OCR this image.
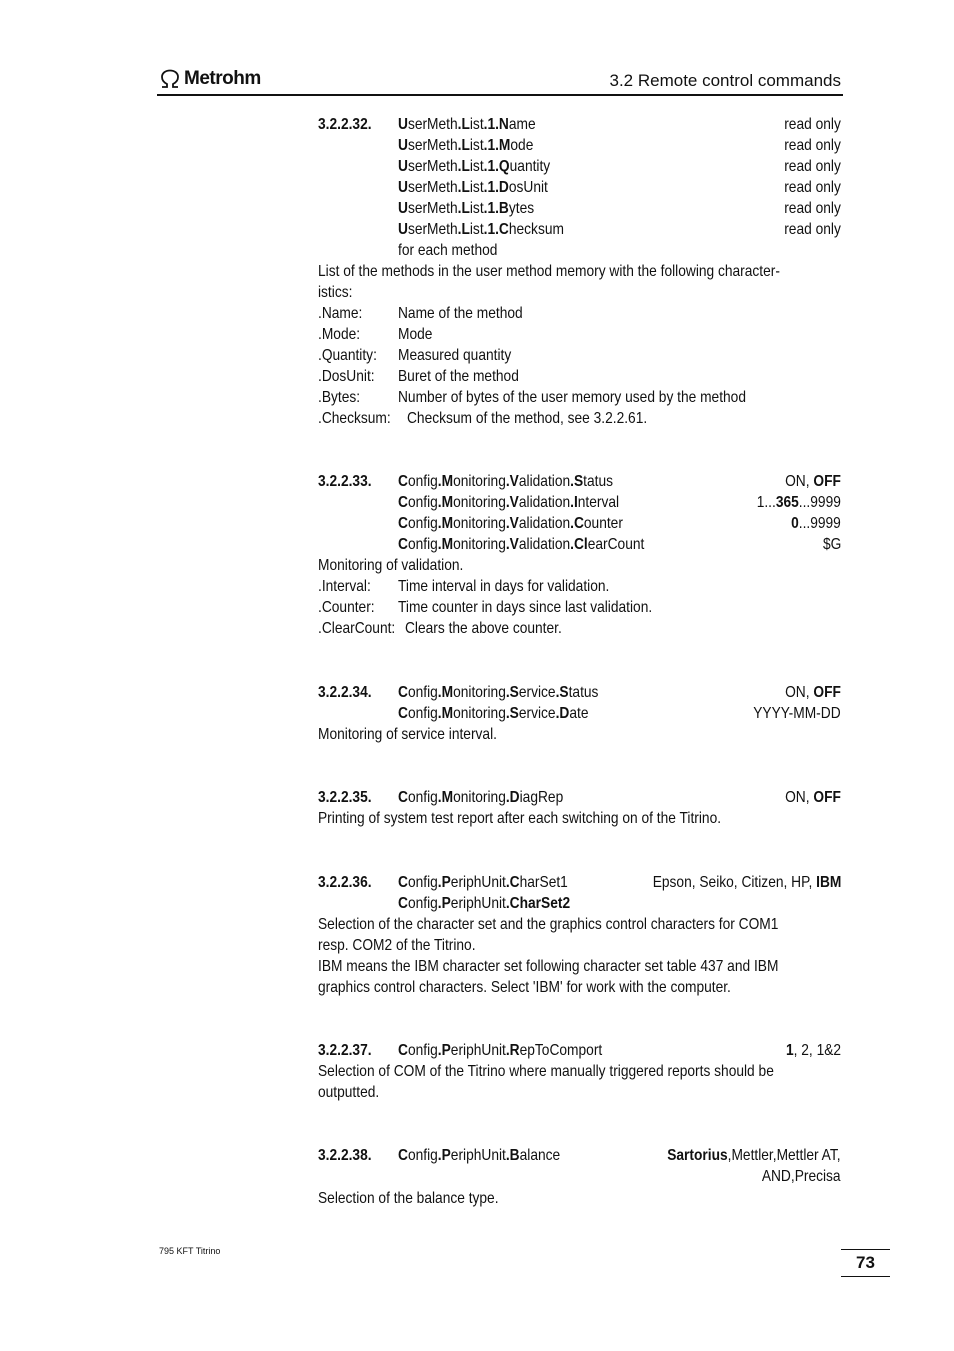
Metrohm	3.2 Remote control commands
3.2.2.32. UserMeth.List.1.Name	read only
UserMeth.List.1.Mode	read only
UserMeth.List.1.Quantity	read only
UserMeth.List.1.DosUnit	read only
UserMeth.List.1.Bytes	read only
UserMeth.List.1.Checksum	read only
for each method
List of the methods in the user method memory with the following character-
istics:
.Name: Name of the method
.Mode: Mode
.Quantity: Measured quantity
.DosUnit: Buret of the method
.Bytes: Number of bytes of the user memory used by the method
.Checksum: Checksum of the method, see 3.2.2.61.
3.2.2.33. Config.Monitoring.Validation.Status	ON, OFF
Config.Monitoring.Validation.Interval	1...365...9999
Config.Monitoring.Validation.Counter	0...9999
Config.Monitoring.Validation.ClearCount	$G
Monitoring of validation.
.Interval: Time interval in days for validation.
.Counter: Time counter in days since last validation.
.ClearCount: Clears the above counter.
3.2.2.34. Config.Monitoring.Service.Status	ON, OFF
Config.Monitoring.Service.Date	YYYY-MM-DD
Monitoring of service interval.
3.2.2.35. Config.Monitoring.DiagRep	ON, OFF
Printing of system test report after each switching on of the Titrino.
3.2.2.36. Config.PeriphUnit.CharSet1	Epson, Seiko, Citizen, HP, IBM
Config.PeriphUnit.CharSet2
Selection of the character set and the graphics control characters for COM1
resp. COM2 of the Titrino.
IBM means the IBM character set following character set table 437 and IBM
graphics control characters. Select 'IBM' for work with the computer.
3.2.2.37. Config.PeriphUnit.RepToComport	1, 2, 1&2
Selection of COM of the Titrino where manually triggered reports should be
outputted.
3.2.2.38. Config.PeriphUnit.Balance	Sartorius,Mettler,Mettler AT,
AND,Precisa
Selection of the balance type.
795 KFT Titrino
73
